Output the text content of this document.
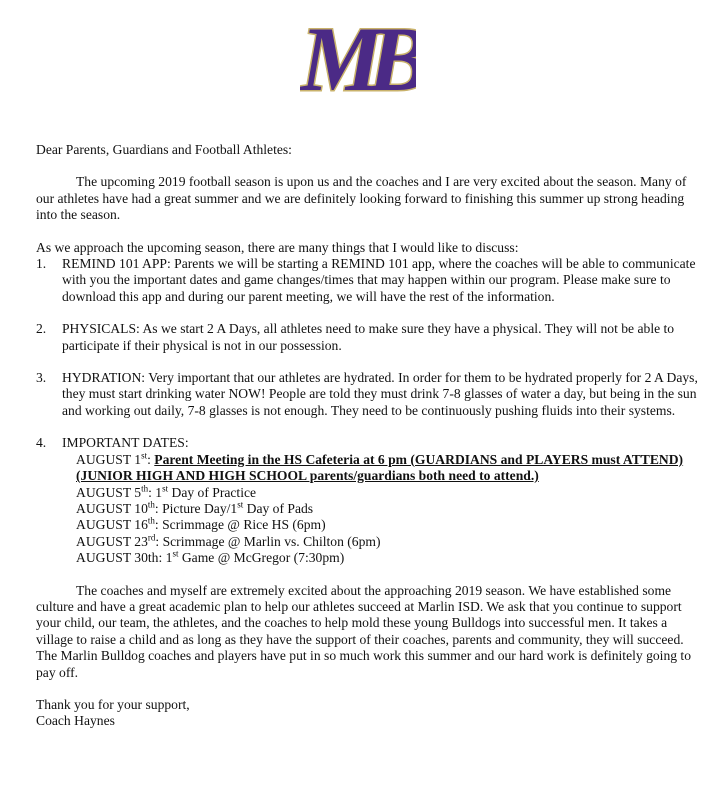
MB

Dear Parents, Guardians and Football Athletes:

The upcoming 2019 football season is upon us and the coaches and I are very excited about the season. Many of our athletes have had a great summer and we are definitely looking forward to finishing this summer up strong heading into the season.

As we approach the upcoming season, there are many things that I would like to discuss:

1.	REMIND 101 APP: Parents we will be starting a REMIND 101 app, where the coaches will be able to communicate with you the important dates and game changes/times that may happen within our program. Please make sure to download this app and during our parent meeting, we will have the rest of the information.
2.	PHYSICALS: As we start 2 A Days, all athletes need to make sure they have a physical. They will not be able to participate if their physical is not in our possession.
3.	HYDRATION: Very important that our athletes are hydrated. In order for them to be hydrated properly for 2 A Days, they must start drinking water NOW! People are told they must drink 7-8 glasses of water a day, but being in the sun and working out daily, 7-8 glasses is not enough. They need to be continuously pushing fluids into their systems.
4.	IMPORTANT DATES:
AUGUST 1st: Parent Meeting in the HS Cafeteria at 6 pm (GUARDIANS and PLAYERS must ATTEND)(JUNIOR HIGH AND HIGH SCHOOL parents/guardians both need to attend.)
AUGUST 5th: 1st Day of Practice
AUGUST 10th: Picture Day/1st Day of Pads
AUGUST 16th: Scrimmage @ Rice HS (6pm)
AUGUST 23rd: Scrimmage @ Marlin vs. Chilton (6pm)
AUGUST 30th: 1st Game @ McGregor (7:30pm)

The coaches and myself are extremely excited about the approaching 2019 season. We have established some culture and have a great academic plan to help our athletes succeed at Marlin ISD. We ask that you continue to support your child, our team, the athletes, and the coaches to help mold these young Bulldogs into successful men. It takes a village to raise a child and as long as they have the support of their coaches, parents and community, they will succeed. The Marlin Bulldog coaches and players have put in so much work this summer and our hard work is definitely going to pay off.

Thank you for your support,

Coach Haynes
